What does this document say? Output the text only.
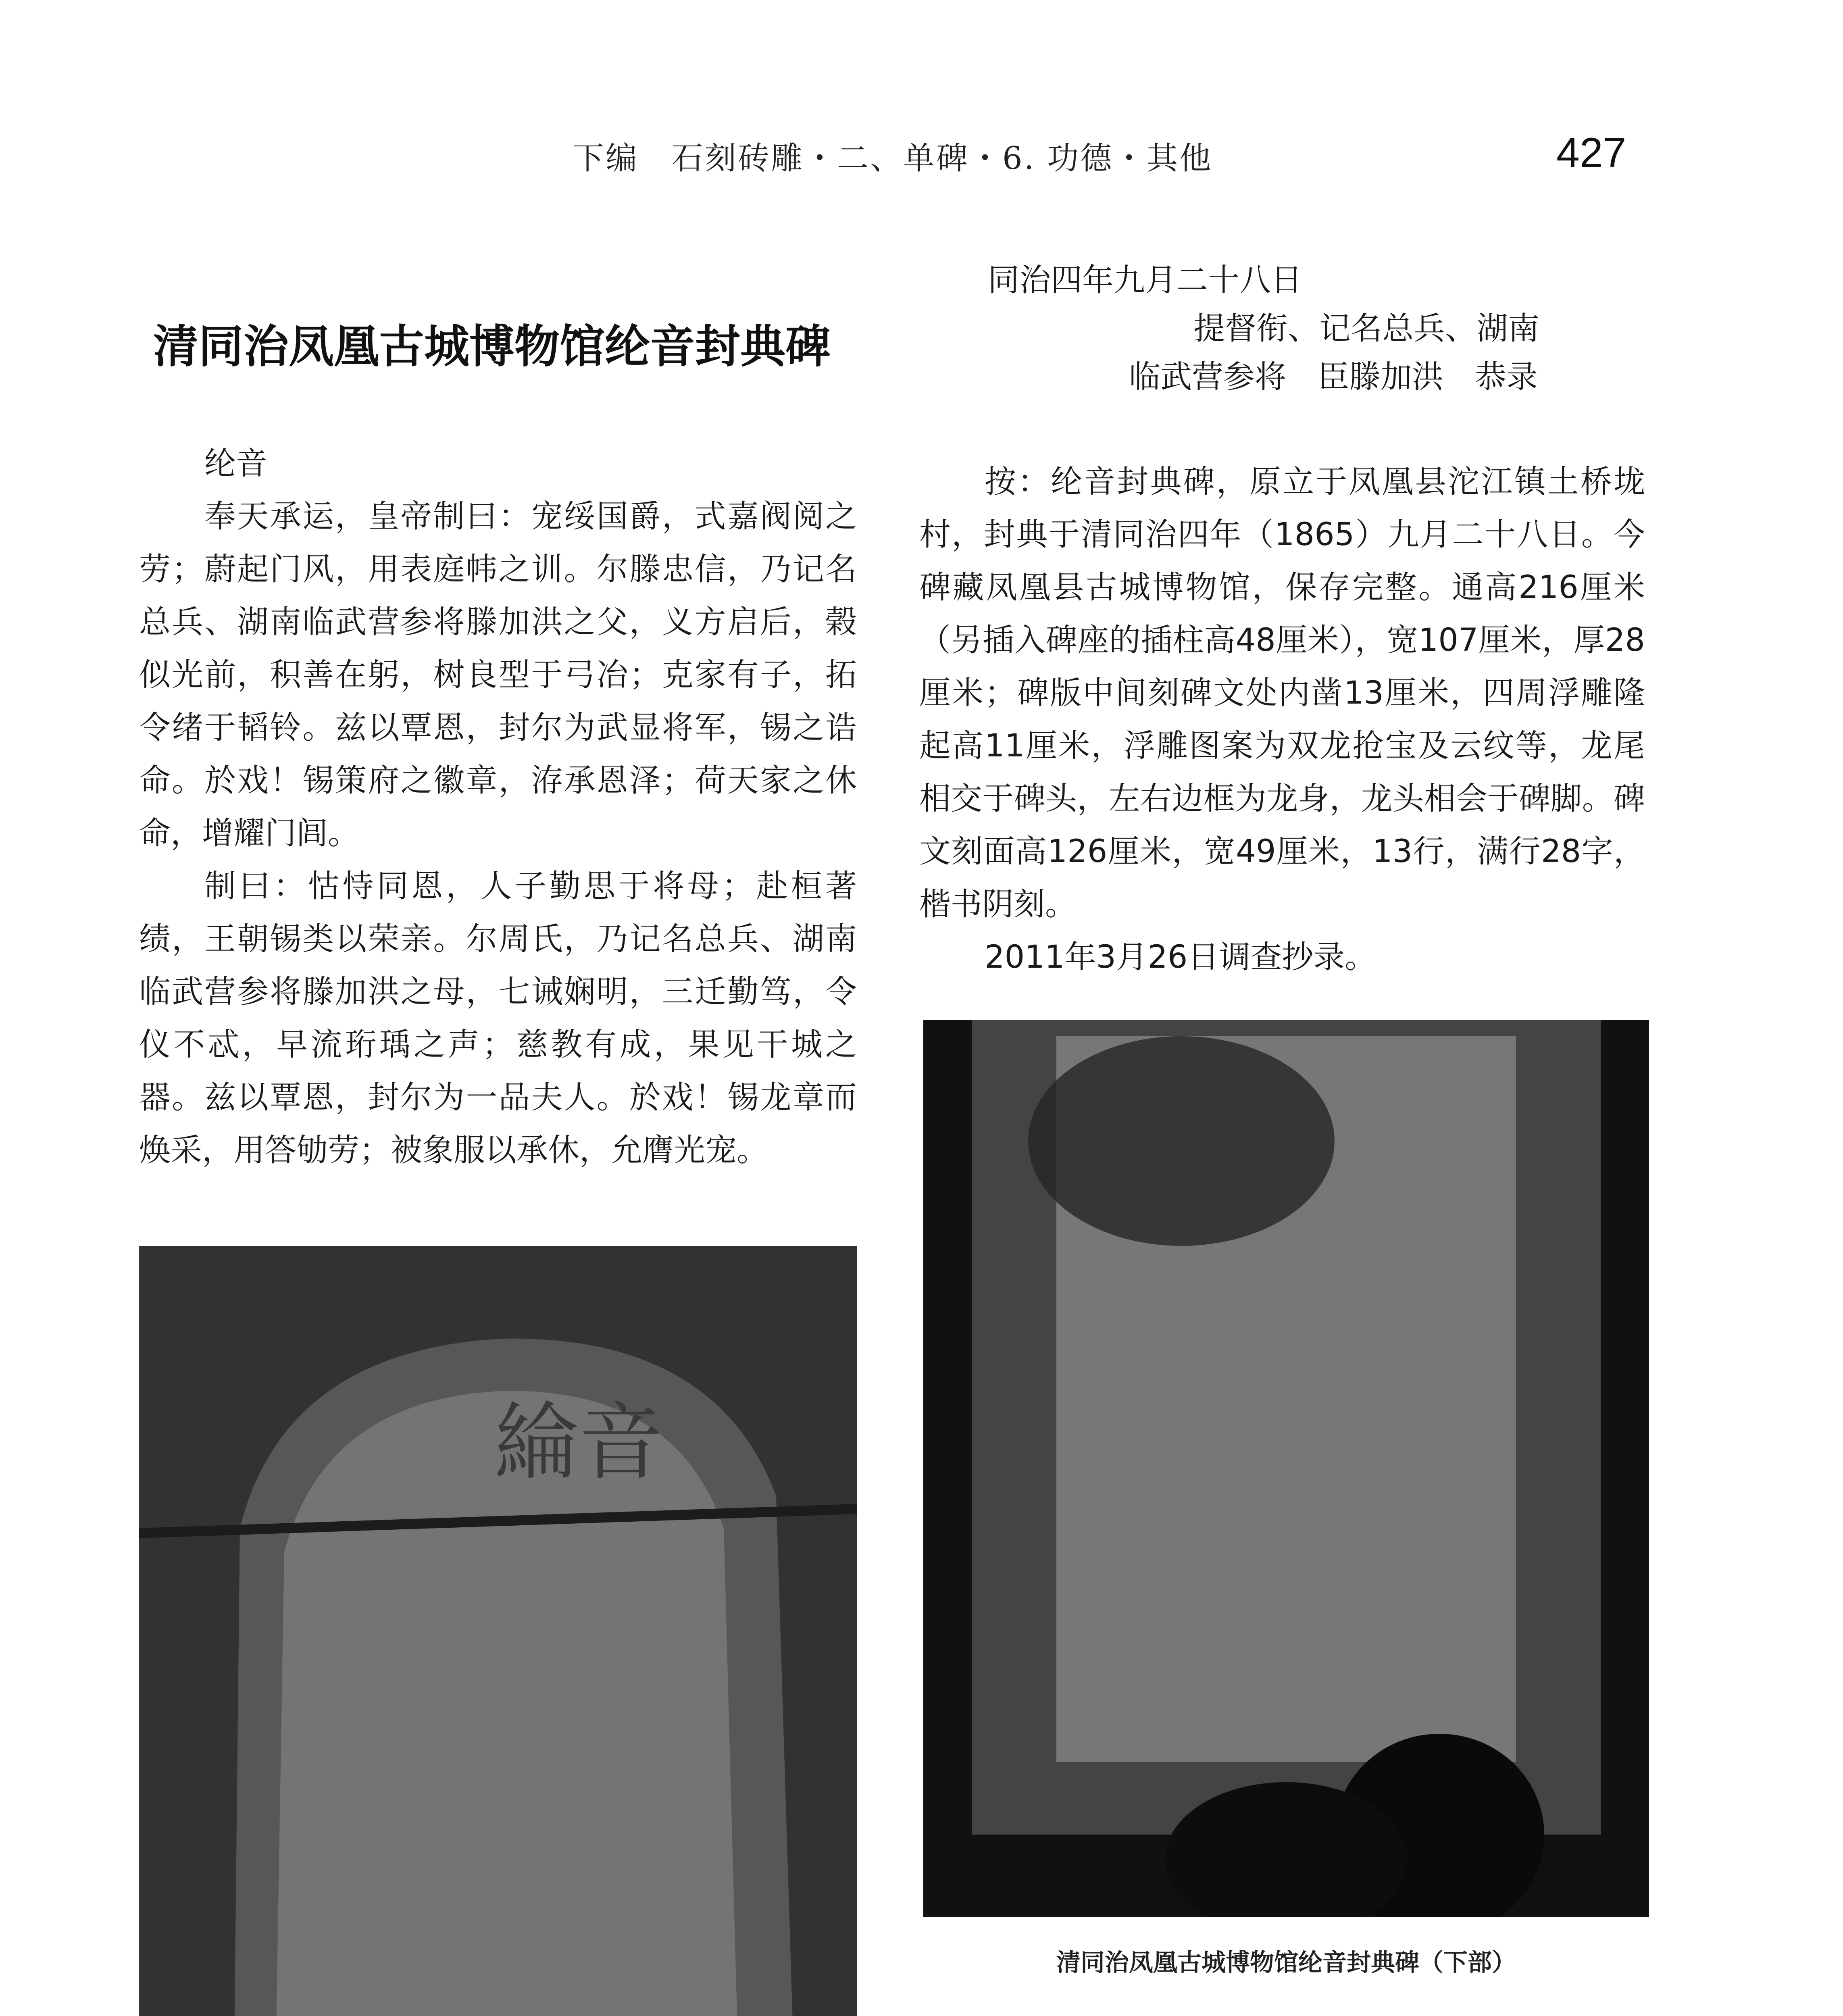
下编　石刻砖雕・二、单碑・6. 功德・其他	427
清同治凤凰古城博物馆纶音封典碑

纶音

奉天承运，皇帝制曰：宠绥国爵，式嘉阀阅之劳；蔚起门风，用表庭帏之训。尔滕忠信，乃记名总兵、湖南临武营参将滕加洪之父，义方启后，榖似光前，积善在躬，树良型于弓冶；克家有子，拓令绪于韬铃。兹以覃恩，封尔为武显将军，锡之诰命。於戏！锡策府之徽章，洊承恩泽；荷天家之休命，增耀门闾。

制曰：怙恃同恩，人子勤思于将母；赴桓著绩，王朝锡类以荣亲。尔周氏，乃记名总兵、湖南临武营参将滕加洪之母，七诫娴明，三迁勤笃，令仪不忒，早流珩瑀之声；慈教有成，果见干城之器。兹以覃恩，封尔为一品夫人。於戏！锡龙章而焕采，用答劬劳；被象服以承休，允膺光宠。

綸音
同治四年九月二十八日
提督衔、记名总兵、湖南
临武营参将　臣滕加洪　恭录

按：纶音封典碑，原立于凤凰县沱江镇土桥垅村，封典于清同治四年（1865）九月二十八日。今碑藏凤凰县古城博物馆，保存完整。通高216厘米（另插入碑座的插柱高48厘米），宽107厘米，厚28厘米；碑版中间刻碑文处内凿13厘米，四周浮雕隆起高11厘米，浮雕图案为双龙抢宝及云纹等，龙尾相交于碑头，左右边框为龙身，龙头相会于碑脚。碑文刻面高126厘米，宽49厘米，13行，满行28字，楷书阴刻。

2011年3月26日调查抄录。

清同治凤凰古城博物馆纶音封典碑（下部）
